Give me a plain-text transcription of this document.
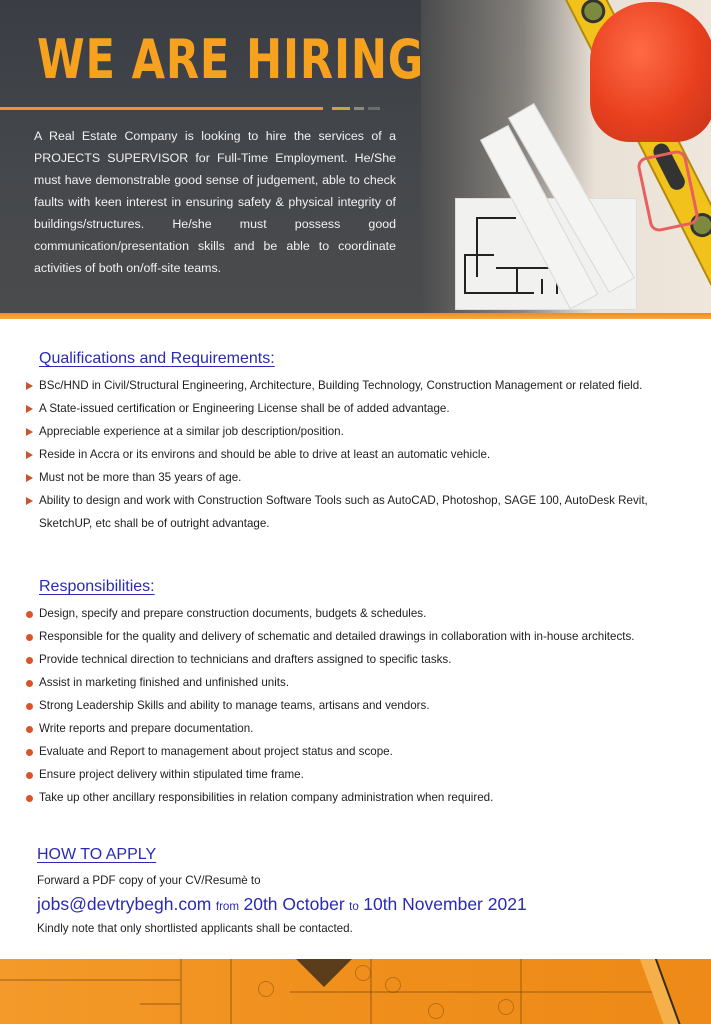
WE ARE HIRING

A Real Estate Company is looking to hire the services of a PROJECTS SUPERVISOR for Full-Time Employment. He/She must have demonstrable good sense of judgement, able to check faults with keen interest in ensuring safety & physical integrity of buildings/structures. He/she must possess good communication/presentation skills and be able to coordinate activities of both on/off-site teams.

Qualifications and Requirements:
BSc/HND in Civil/Structural Engineering, Architecture, Building Technology, Construction Management or related field.
A State-issued certification or Engineering License shall be of added advantage.
Appreciable experience at a similar job description/position.
Reside in Accra or its environs and should be able to drive at least an automatic vehicle.
Must not be more than 35 years of age.
Ability to design and work with Construction Software Tools such as AutoCAD, Photoshop, SAGE 100, AutoDesk Revit, SketchUP, etc shall be of outright advantage.
Responsibilities:
Design, specify and prepare construction documents, budgets & schedules.
Responsible for the quality and delivery of schematic and detailed drawings in collaboration with in-house architects.
Provide technical direction to technicians and drafters assigned to specific tasks.
Assist in marketing finished and unfinished units.
Strong Leadership Skills and ability to manage teams, artisans and vendors.
Write reports and prepare documentation.
Evaluate and Report to management about project status and scope.
Ensure project delivery within stipulated time frame.
Take up other ancillary responsibilities in relation company administration when required.
HOW TO APPLY

Forward a PDF copy of your CV/Resumè to

jobs@devtrybegh.com from 20th October to 10th November 2021

Kindly note that only shortlisted applicants shall be contacted.
